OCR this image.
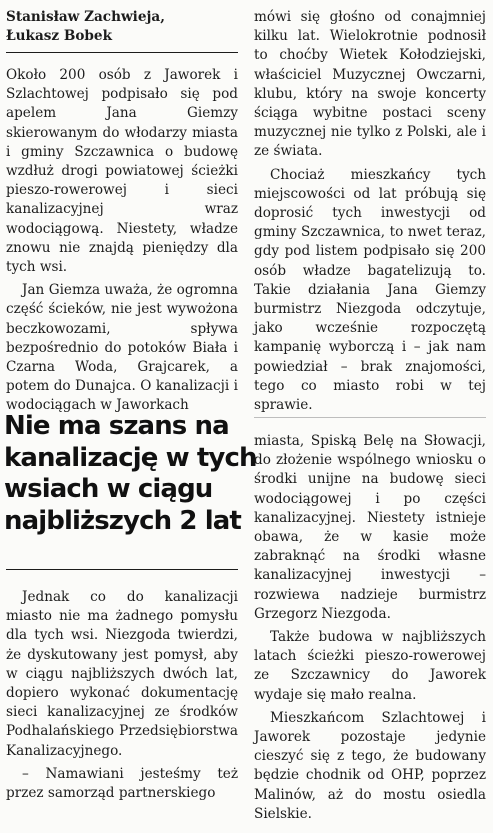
Stanisław Zachwieja,
Łukasz Bobek

Około 200 osób z Jaworek i Szlachtowej podpisało się pod apelem Jana Giemzy skierowanym do włodarzy miasta i gminy Szczawnica o budowę wzdłuż drogi powiatowej ścieżki pieszo-rowerowej i sieci kanalizacyjnej wraz wodociągową. Niestety, władze znowu nie znajdą pieniędzy dla tych wsi.

Jan Giemza uważa, że ogromna część ścieków, nie jest wywożona beczkowozami, spływa bezpośrednio do potoków Biała i Czarna Woda, Grajcarek, a potem do Dunajca. O kanalizacji i wodociągach w Jaworkach

Nie ma szans na kanalizację w tych wsiach w ciągu najbliższych 2 lat

Jednak co do kanalizacji miasto nie ma żadnego pomysłu dla tych wsi. Niezgoda twierdzi, że dyskutowany jest pomysł, aby w ciągu najbliższych dwóch lat, dopiero wykonać dokumentację sieci kanalizacyjnej ze środków Podhalańskiego Przedsiębiorstwa Kanalizacyjnego.

– Namawiani jesteśmy też przez samorząd partnerskiego

mówi się głośno od conajmniej kilku lat. Wielokrotnie podnosił to choćby Wietek Kołodziejski, właściciel Muzycznej Owczarni, klubu, który na swoje koncerty ściąga wybitne postaci sceny muzycznej nie tylko z Polski, ale i ze świata.

Chociaż mieszkańcy tych miejscowości od lat próbują się doprosić tych inwestycji od gminy Szczawnica, to nwet teraz, gdy pod listem podpisało się 200 osób władze bagatelizują to. Takie działania Jana Giemzy burmistrz Niezgoda odczytuje, jako wcześnie rozpoczętą kampanię wyborczą i – jak nam powiedział – brak znajomości, tego co miasto robi w tej sprawie.

miasta, Spiską Belę na Słowacji, do złożenie wspólnego wniosku o środki unijne na budowę sieci wodociągowej i po części kanalizacyjnej. Niestety istnieje obawa, że w kasie może zabraknąć na środki własne kanalizacyjnej inwestycji – rozwiewa nadzieje burmistrz Grzegorz Niezgoda.

Także budowa w najbliższych latach ścieżki pieszo-rowerowej ze Szczawnicy do Jaworek wydaje się mało realna.

Mieszkańcom Szlachtowej i Jaworek pozostaje jedynie cieszyć się z tego, że budowany będzie chodnik od OHP, poprzez Malinów, aż do mostu osiedla Sielskie.
